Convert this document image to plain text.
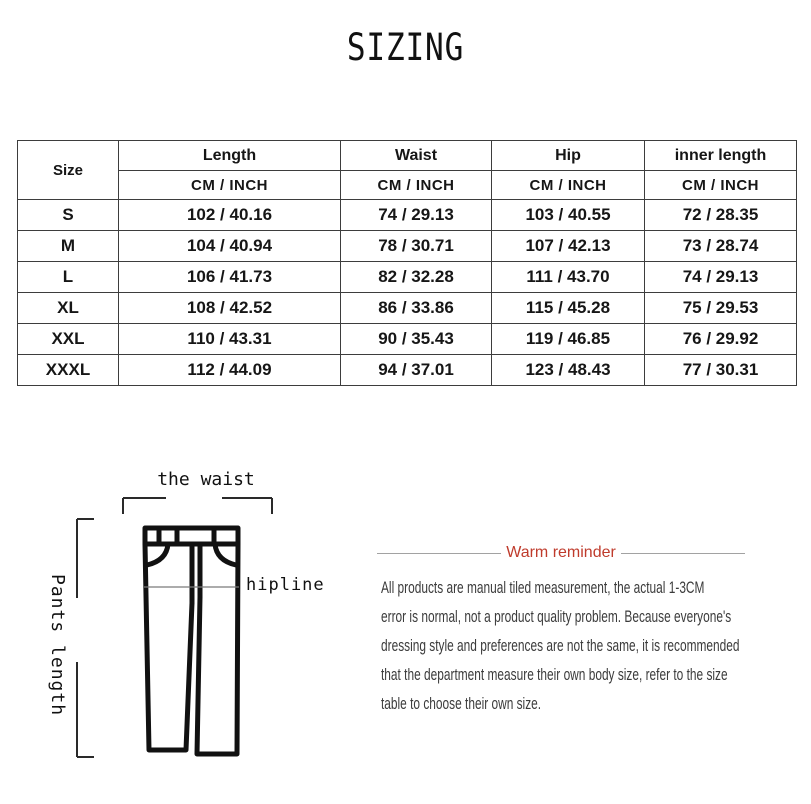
SIZING
Size	Length	Waist	Hip	inner length
	CM / INCH	CM / INCH	CM / INCH	CM / INCH
S	102 / 40.16	74 / 29.13	103 / 40.55	72 / 28.35
M	104 / 40.94	78 / 30.71	107 / 42.13	73 / 28.74
L	106 / 41.73	82 / 32.28	111 / 43.70	74 / 29.13
XL	108 / 42.52	86 / 33.86	115 / 45.28	75 / 29.53
XXL	110 / 43.31	90 / 35.43	119 / 46.85	76 / 29.92
XXXL	112 / 44.09	94 / 37.01	123 / 48.43	77 / 30.31
the waist
Pants length	hipline
Warm reminder
All products are manual tiled measurement, the actual 1-3CM
error is normal, not a product quality problem. Because everyone's
dressing style and preferences are not the same, it is recommended
that the department measure their own body size, refer to the size
table to choose their own size.
